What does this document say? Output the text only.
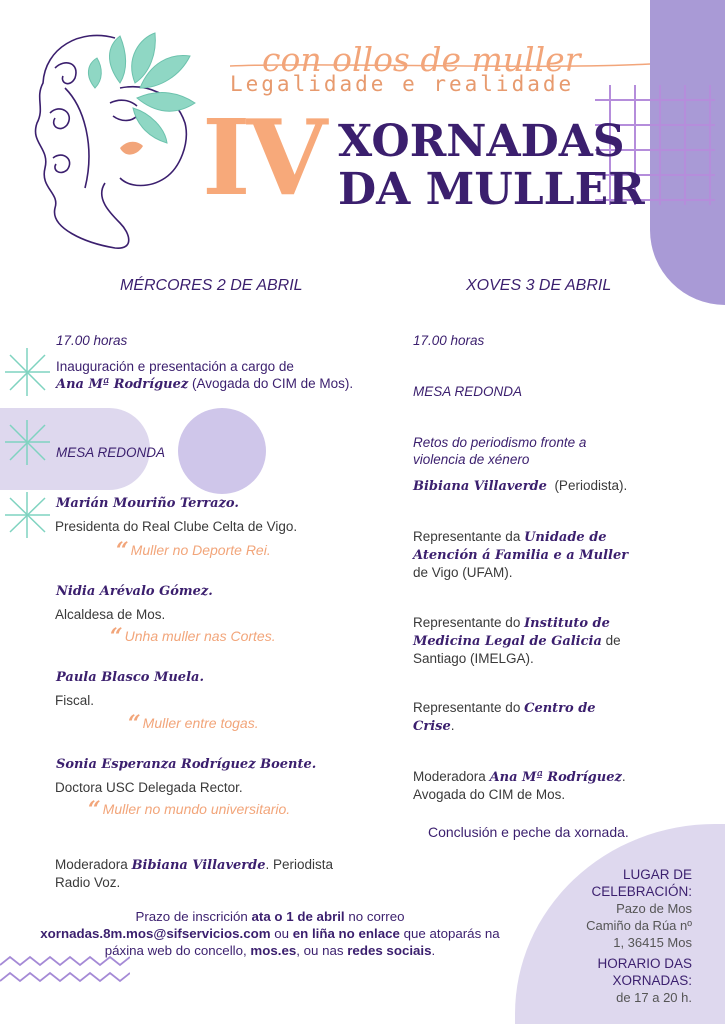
con ollos de muller
Legalidade e realidade
IV XORNADAS
DA MULLER
MÉRCORES 2 DE ABRIL
17.00 horas
Inauguración e presentación a cargo de
Ana Mª Rodríguez (Avogada do CIM de Mos).
MESA REDONDA
Marián Mouriño Terrazo.
Presidenta do Real Clube Celta de Vigo.
“ Muller no Deporte Rei.
Nidia Arévalo Gómez.
Alcaldesa de Mos.
“ Unha muller nas Cortes.
Paula Blasco Muela.
Fiscal.
“ Muller entre togas.
Sonia Esperanza Rodríguez Boente.
Doctora USC Delegada Rector.
“ Muller no mundo universitario.
Moderadora Bibiana Villaverde. Periodista
Radio Voz.
XOVES 3 DE ABRIL
17.00 horas
MESA REDONDA
Retos do periodismo fronte a
violencia de xénero
Bibiana Villaverde (Periodista).
Representante da Unidade de
Atención á Familia e a Muller
de Vigo (UFAM).
Representante do Instituto de
Medicina Legal de Galicia de
Santiago (IMELGA).
Representante do Centro de
Crise.
Moderadora Ana Mª Rodríguez.
Avogada do CIM de Mos.
Conclusión e peche da xornada.
Prazo de inscrición ata o 1 de abril no correo
xornadas.8m.mos@sifservicios.com ou en liña no enlace que atoparás na
páxina web do concello, mos.es, ou nas redes sociais.
LUGAR DE
CELEBRACIÓN:
Pazo de Mos
Camiño da Rúa nº
1, 36415 Mos
HORARIO DAS
XORNADAS:
de 17 a 20 h.
